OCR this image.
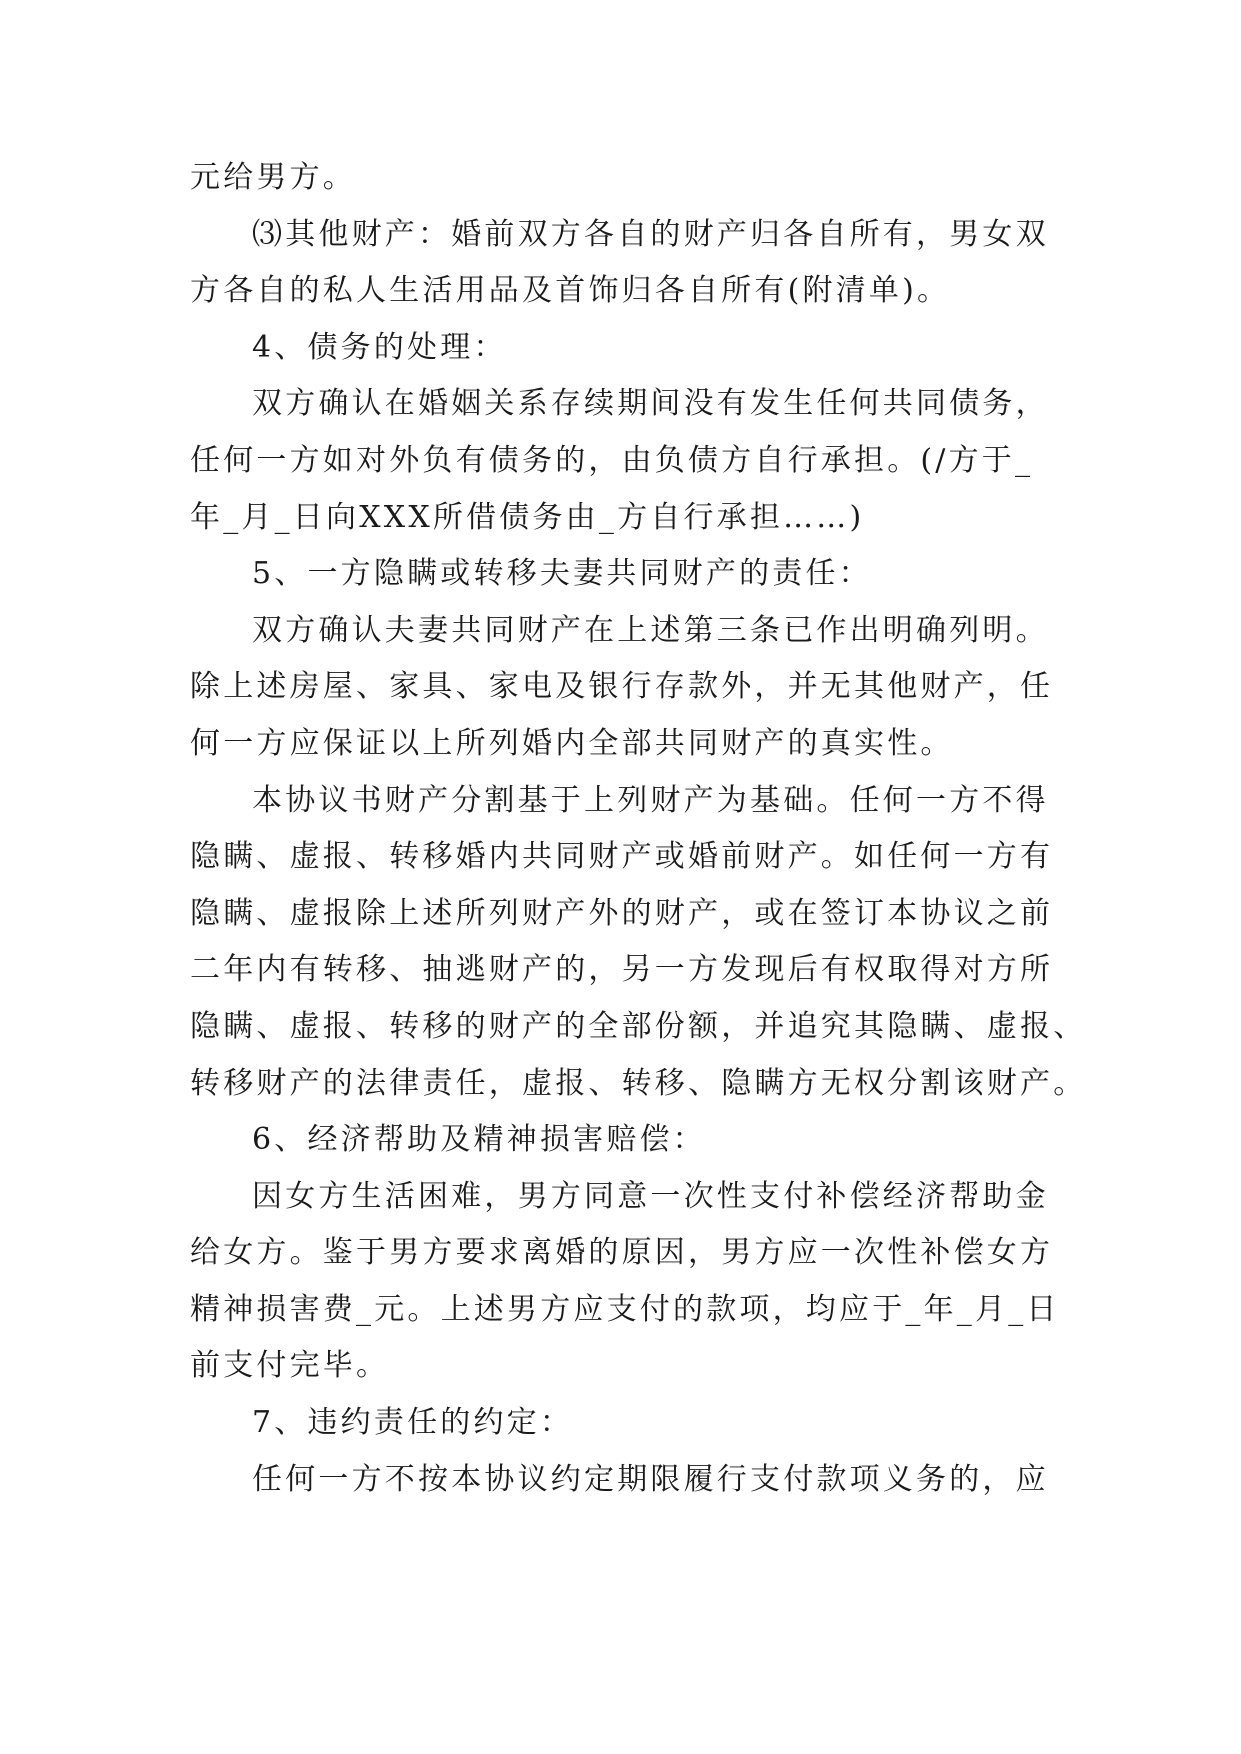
元给男方。
⑶其他财产：婚前双方各自的财产归各自所有，男女双
方各自的私人生活用品及首饰归各自所有(附清单)。
4、债务的处理：
双方确认在婚姻关系存续期间没有发生任何共同债务，
任何一方如对外负有债务的，由负债方自行承担。(/方于_
年_月_日向XXX所借债务由_方自行承担……)
5、一方隐瞒或转移夫妻共同财产的责任：
双方确认夫妻共同财产在上述第三条已作出明确列明。
除上述房屋、家具、家电及银行存款外，并无其他财产，任
何一方应保证以上所列婚内全部共同财产的真实性。
本协议书财产分割基于上列财产为基础。任何一方不得
隐瞒、虚报、转移婚内共同财产或婚前财产。如任何一方有
隐瞒、虚报除上述所列财产外的财产，或在签订本协议之前
二年内有转移、抽逃财产的，另一方发现后有权取得对方所
隐瞒、虚报、转移的财产的全部份额，并追究其隐瞒、虚报、
转移财产的法律责任，虚报、转移、隐瞒方无权分割该财产。
6、经济帮助及精神损害赔偿：
因女方生活困难，男方同意一次性支付补偿经济帮助金
给女方。鉴于男方要求离婚的原因，男方应一次性补偿女方
精神损害费_元。上述男方应支付的款项，均应于_年_月_日
前支付完毕。
7、违约责任的约定：
任何一方不按本协议约定期限履行支付款项义务的，应
